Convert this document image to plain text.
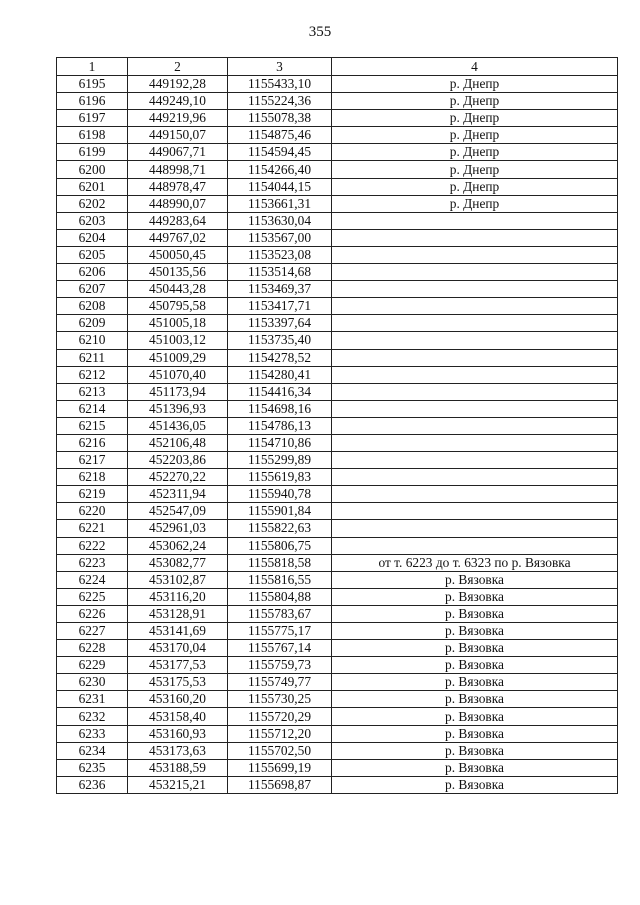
355
1	2	3	4
6195	449192,28	1155433,10	р. Днепр
6196	449249,10	1155224,36	р. Днепр
6197	449219,96	1155078,38	р. Днепр
6198	449150,07	1154875,46	р. Днепр
6199	449067,71	1154594,45	р. Днепр
6200	448998,71	1154266,40	р. Днепр
6201	448978,47	1154044,15	р. Днепр
6202	448990,07	1153661,31	р. Днепр
6203	449283,64	1153630,04	
6204	449767,02	1153567,00	
6205	450050,45	1153523,08	
6206	450135,56	1153514,68	
6207	450443,28	1153469,37	
6208	450795,58	1153417,71	
6209	451005,18	1153397,64	
6210	451003,12	1153735,40	
6211	451009,29	1154278,52	
6212	451070,40	1154280,41	
6213	451173,94	1154416,34	
6214	451396,93	1154698,16	
6215	451436,05	1154786,13	
6216	452106,48	1154710,86	
6217	452203,86	1155299,89	
6218	452270,22	1155619,83	
6219	452311,94	1155940,78	
6220	452547,09	1155901,84	
6221	452961,03	1155822,63	
6222	453062,24	1155806,75	
6223	453082,77	1155818,58	от т. 6223 до т. 6323 по р. Вязовка
6224	453102,87	1155816,55	р. Вязовка
6225	453116,20	1155804,88	р. Вязовка
6226	453128,91	1155783,67	р. Вязовка
6227	453141,69	1155775,17	р. Вязовка
6228	453170,04	1155767,14	р. Вязовка
6229	453177,53	1155759,73	р. Вязовка
6230	453175,53	1155749,77	р. Вязовка
6231	453160,20	1155730,25	р. Вязовка
6232	453158,40	1155720,29	р. Вязовка
6233	453160,93	1155712,20	р. Вязовка
6234	453173,63	1155702,50	р. Вязовка
6235	453188,59	1155699,19	р. Вязовка
6236	453215,21	1155698,87	р. Вязовка
